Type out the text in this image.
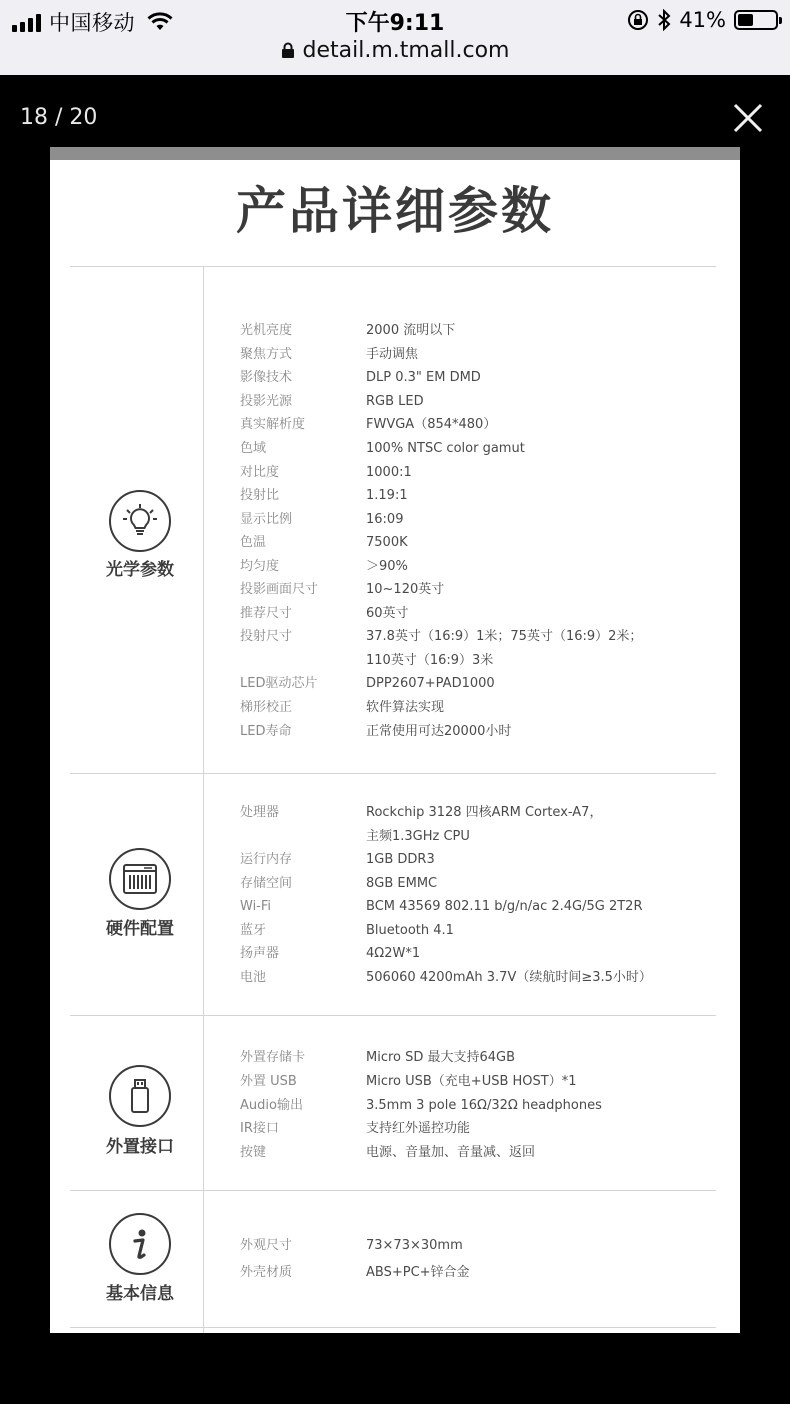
中国移动	下午9:11	41%
detail.m.tmall.com
18 / 20
产品详细参数
光学参数
光机亮度	2000 流明以下
聚焦方式	手动调焦
影像技术	DLP 0.3" EM DMD
投影光源	RGB LED
真实解析度	FWVGA（854*480）
色域	100% NTSC color gamut
对比度	1000:1
投射比	1.19:1
显示比例	16:09
色温	7500K
均匀度	＞90%
投影画面尺寸	10~120英寸
推荐尺寸	60英寸
投射尺寸	37.8英寸（16:9）1米；75英寸（16:9）2米；
110英寸（16:9）3米
LED驱动芯片	DPP2607+PAD1000
梯形校正	软件算法实现
LED寿命	正常使用可达20000小时
硬件配置
处理器	Rockchip 3128 四核ARM Cortex-A7，
主频1.3GHz CPU
运行内存	1GB DDR3
存储空间	8GB EMMC
Wi-Fi	BCM 43569 802.11 b/g/n/ac 2.4G/5G 2T2R
蓝牙	Bluetooth 4.1
扬声器	4Ω2W*1
电池	506060 4200mAh 3.7V（续航时间≥3.5小时）
外置接口
外置存储卡	Micro SD 最大支持64GB
外置 USB	Micro USB（充电+USB HOST）*1
Audio输出	3.5mm 3 pole 16Ω/32Ω headphones
IR接口	支持红外遥控功能
按键	电源、音量加、音量减、返回
基本信息
外观尺寸	73×73×30mm
外壳材质	ABS+PC+锌合金
